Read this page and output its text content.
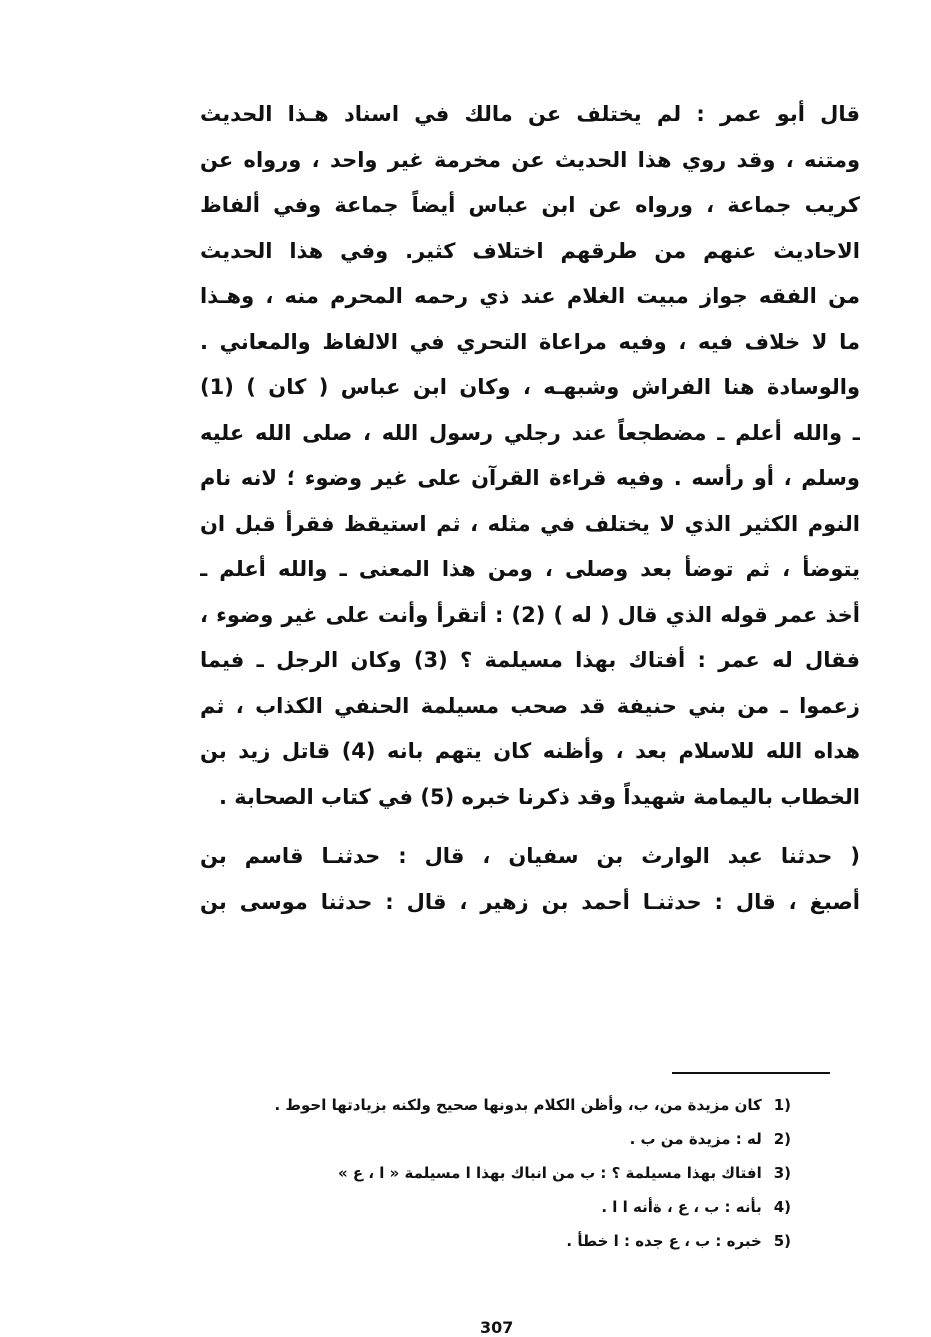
قال أبو عمر : لم يختلف عن مالك في اسناد هـذا الحديث
ومتنه ، وقد روي هذا الحديث عن مخرمة غير واحد ، ورواه عن
كريب جماعة ، ورواه عن ابن عباس أيضاً جماعة وفي ألفاظ
الاحاديث عنهم من طرقهم اختلاف كثير. وفي هذا الحديث
من الفقه جواز مبيت الغلام عند ذي رحمه المحرم منه ، وهـذا
ما لا خلاف فيه ، وفيه مراعاة التحري في الالفاظ والمعاني .
والوسادة هنا الفراش وشبهـه ، وكان ابن عباس ( كان ) (1)
ـ والله أعلم ـ مضطجعاً عند رجلي رسول الله ، صلى الله عليه
وسلم ، أو رأسه . وفيه قراءة القرآن على غير وضوء ؛ لانه نام
النوم الكثير الذي لا يختلف في مثله ، ثم استيقظ فقرأ قبل ان
يتوضأ ، ثم توضأ بعد وصلى ، ومن هذا المعنى ـ والله أعلم ـ
أخذ عمر قوله الذي قال ( له ) (2) : أتقرأ وأنت على غير وضوء ،
فقال له عمر : أفتاك بهذا مسيلمة ؟ (3) وكان الرجل ـ فيما
زعموا ـ من بني حنيفة قد صحب مسيلمة الحنفي الكذاب ، ثم
هداه الله للاسلام بعد ، وأظنه كان يتهم بانه (4) قاتل زيد بن
الخطاب باليمامة شهيداً وقد ذكرنا خبره (5) في كتاب الصحابة .
( حدثنا عبد الوارث بن سفيان ، قال : حدثنـا قاسم بن
أصبغ ، قال : حدثنـا أحمد بن زهير ، قال : حدثنا موسى بن
(1 كان مزيدة من، ب، وأظن الكلام بدونها صحيح ولكنه بزيادتها احوط .
(2 له : مزيدة من ب .
(3 افتاك بهذا مسيلمة ؟ : ب من انباك بهذا ا مسيلمة « ا ، ع »
(4 بأنه : ب ، ع ، ةأنه ا ا .
(5 خبره : ب ، ع جده : ا خطأ .
307
